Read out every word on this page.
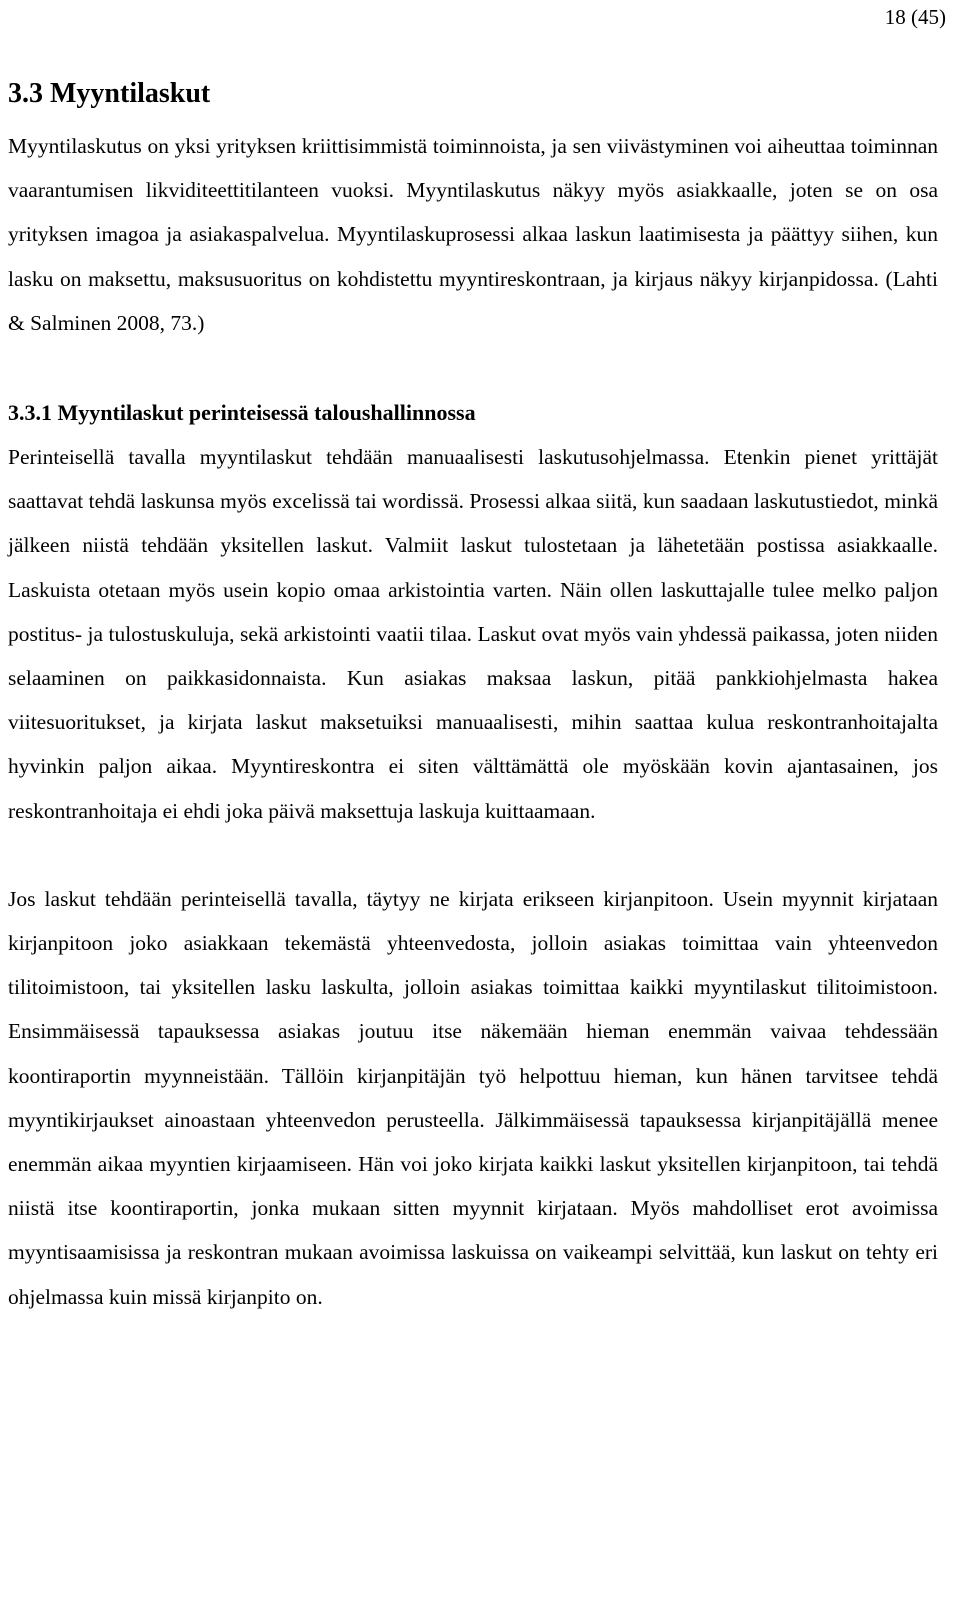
18 (45)
3.3 Myyntilaskut

Myyntilaskutus on yksi yrityksen kriittisimmistä toiminnoista, ja sen viivästyminen voi aiheuttaa toiminnan vaarantumisen likviditeettitilanteen vuoksi. Myyntilaskutus näkyy myös asiakkaalle, joten se on osa yrityksen imagoa ja asiakaspalvelua. Myyntilaskuprosessi alkaa laskun laatimisesta ja päättyy siihen, kun lasku on maksettu, maksusuoritus on kohdistettu myyntireskontraan, ja kirjaus näkyy kirjanpidossa. (Lahti & Salminen 2008, 73.)

3.3.1 Myyntilaskut perinteisessä taloushallinnossa

Perinteisellä tavalla myyntilaskut tehdään manuaalisesti laskutusohjelmassa. Etenkin pienet yrittäjät saattavat tehdä laskunsa myös excelissä tai wordissä. Prosessi alkaa siitä, kun saadaan laskutustiedot, minkä jälkeen niistä tehdään yksitellen laskut. Valmiit laskut tulostetaan ja lähetetään postissa asiakkaalle. Laskuista otetaan myös usein kopio omaa arkistointia varten. Näin ollen laskuttajalle tulee melko paljon postitus- ja tulostuskuluja, sekä arkistointi vaatii tilaa. Laskut ovat myös vain yhdessä paikassa, joten niiden selaaminen on paikkasidonnaista. Kun asiakas maksaa laskun, pitää pankkiohjelmasta hakea viitesuoritukset, ja kirjata laskut maksetuiksi manuaalisesti, mihin saattaa kulua reskontranhoitajalta hyvinkin paljon aikaa. Myyntireskontra ei siten välttämättä ole myöskään kovin ajantasainen, jos reskontranhoitaja ei ehdi joka päivä maksettuja laskuja kuittaamaan.

Jos laskut tehdään perinteisellä tavalla, täytyy ne kirjata erikseen kirjanpitoon. Usein myynnit kirjataan kirjanpitoon joko asiakkaan tekemästä yhteenvedosta, jolloin asiakas toimittaa vain yhteenvedon tilitoimistoon, tai yksitellen lasku laskulta, jolloin asiakas toimittaa kaikki myyntilaskut tilitoimistoon. Ensimmäisessä tapauksessa asiakas joutuu itse näkemään hieman enemmän vaivaa tehdessään koontiraportin myynneistään. Tällöin kirjanpitäjän työ helpottuu hieman, kun hänen tarvitsee tehdä myyntikirjaukset ainoastaan yhteenvedon perusteella. Jälkimmäisessä tapauksessa kirjanpitäjällä menee enemmän aikaa myyntien kirjaamiseen. Hän voi joko kirjata kaikki laskut yksitellen kirjanpitoon, tai tehdä niistä itse koontiraportin, jonka mukaan sitten myynnit kirjataan. Myös mahdolliset erot avoimissa myyntisaamisissa ja reskontran mukaan avoimissa laskuissa on vaikeampi selvittää, kun laskut on tehty eri ohjelmassa kuin missä kirjanpito on.
